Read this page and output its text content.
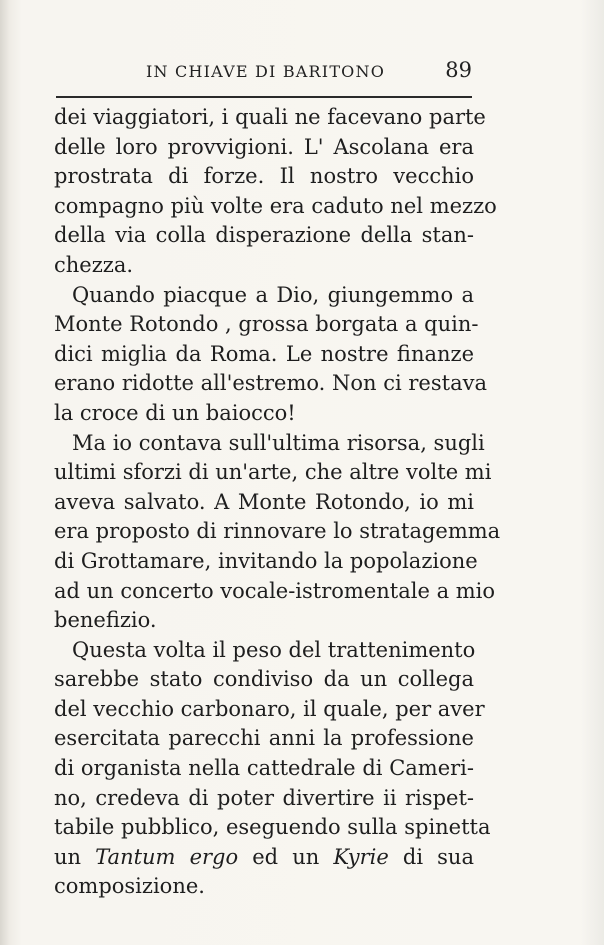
IN CHIAVE DI BARITONO	89
dei viaggiatori, i quali ne facevano parte
delle loro provvigioni. L' Ascolana era
prostrata di forze. Il nostro vecchio
compagno più volte era caduto nel mezzo
della via colla disperazione della stan-
chezza.
Quando piacque a Dio, giungemmo a
Monte Rotondo , grossa borgata a quin-
dici miglia da Roma. Le nostre finanze
erano ridotte all'estremo. Non ci restava
la croce di un baiocco!
Ma io contava sull'ultima risorsa, sugli
ultimi sforzi di un'arte, che altre volte mi
aveva salvato. A Monte Rotondo, io mi
era proposto di rinnovare lo stratagemma
di Grottamare, invitando la popolazione
ad un concerto vocale-istromentale a mio
benefizio.
Questa volta il peso del trattenimento
sarebbe stato condiviso da un collega
del vecchio carbonaro, il quale, per aver
esercitata parecchi anni la professione
di organista nella cattedrale di Cameri-
no, credeva di poter divertire ii rispet-
tabile pubblico, eseguendo sulla spinetta
un Tantum ergo ed un Kyrie di sua
composizione.
